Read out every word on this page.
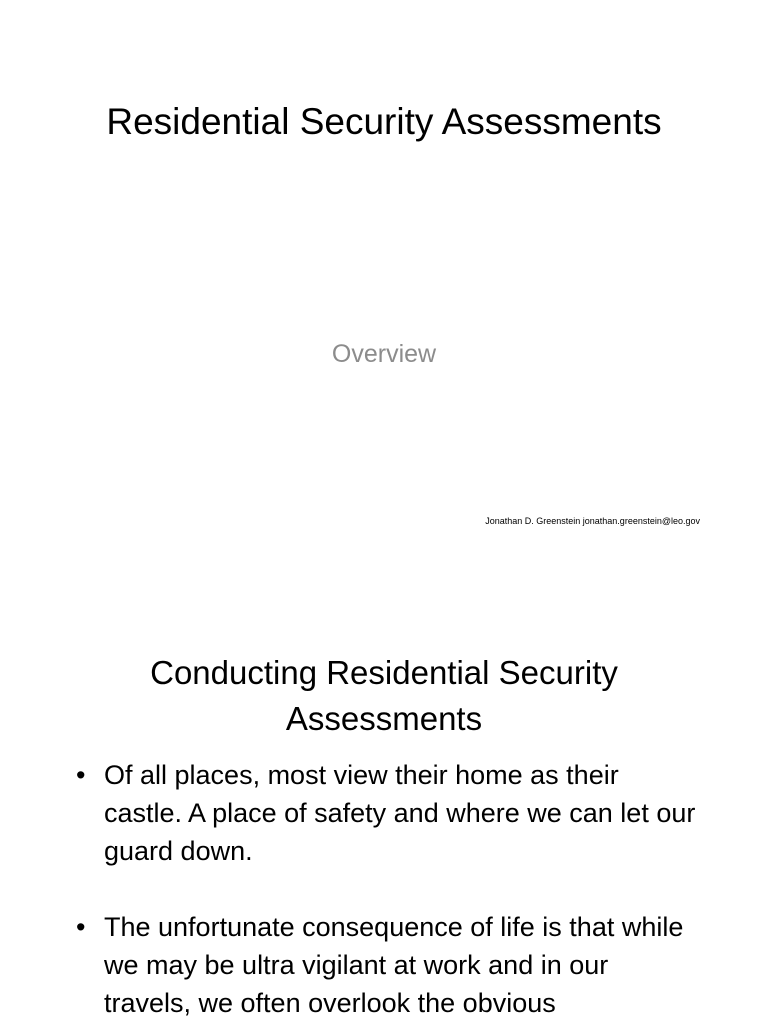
Residential Security Assessments
Overview
Jonathan D. Greenstein jonathan.greenstein@leo.gov
Conducting Residential Security
Assessments
• Of all places, most view their home as their castle. A place of safety and where we can let our guard down.
• The unfortunate consequence of life is that while we may be ultra vigilant at work and in our travels, we often overlook the obvious
